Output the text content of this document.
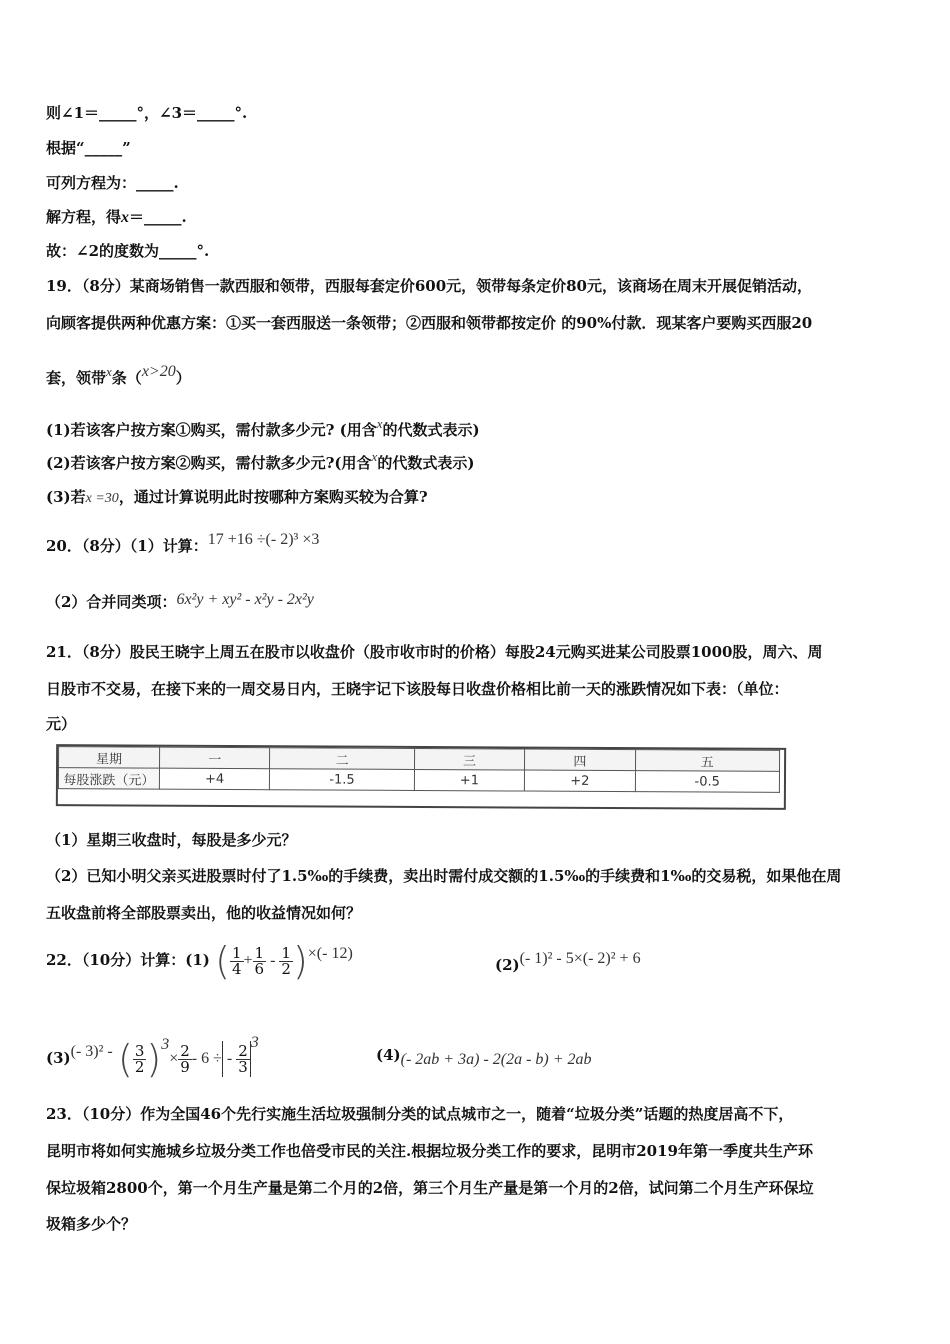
则∠1＝_____°，∠3＝_____°.
根据“_____”
可列方程为：_____.
解方程，得x＝_____.
故：∠2的度数为_____°.
19．（8分）某商场销售一款西服和领带，西服每套定价600元，领带每条定价80元，该商场在周末开展促销活动，
向顾客提供两种优惠方案：①买一套西服送一条领带；②西服和领带都按定价 的90%付款．现某客户要购买西服20
套，领带x条（x>20）
(1)若该客户按方案①购买，需付款多少元? (用含x的代数式表示)
(2)若该客户按方案②购买，需付款多少元?(用含x的代数式表示)
(3)若x =30，通过计算说明此时按哪种方案购买较为合算?
20．（8分）（1）计算：17 +16 ÷(- 2)³ ×3
（2）合并同类项：6x²y + xy² - x²y - 2x²y
21．（8分）股民王晓宇上周五在股市以收盘价（股市收市时的价格）每股24元购买进某公司股票1000股，周六、周
日股市不交易，在接下来的一周交易日内，王晓宇记下该股每日收盘价格相比前一天的涨跌情况如下表：（单位：
元）
星期	一	二	三	四	五
每股涨跌（元）	+4	-1.5	+1	+2	-0.5
（1）星期三收盘时，每股是多少元？
（2）已知小明父亲买进股票时付了1.5‰的手续费，卖出时需付成交额的1.5‰的手续费和1‰的交易税，如果他在周
五收盘前将全部股票卖出，他的收益情况如何？
22．（10分）计算：(1) ( $\frac{1}{4} + \frac{1}{6} - \frac{1}{2}$ )×(- 12)
(2)(- 1)² - 5×(- 2)² + 6
(3)(- 3)² - ( $\frac{3}{2} )^3\times \frac{2}{9} - 6$ ÷ - $\frac{2}{3}$
$^3$
(4)(- 2ab + 3a) - 2(2a - b) + 2ab
23．（10分）作为全国46个先行实施生活垃圾强制分类的试点城市之一，随着“垃圾分类”话题的热度居高不下，
昆明市将如何实施城乡垃圾分类工作也倍受市民的关注.根据垃圾分类工作的要求，昆明市2019年第一季度共生产环
保垃圾箱2800个，第一个月生产量是第二个月的2倍，第三个月生产量是第一个月的2倍，试问第二个月生产环保垃
圾箱多少个？
